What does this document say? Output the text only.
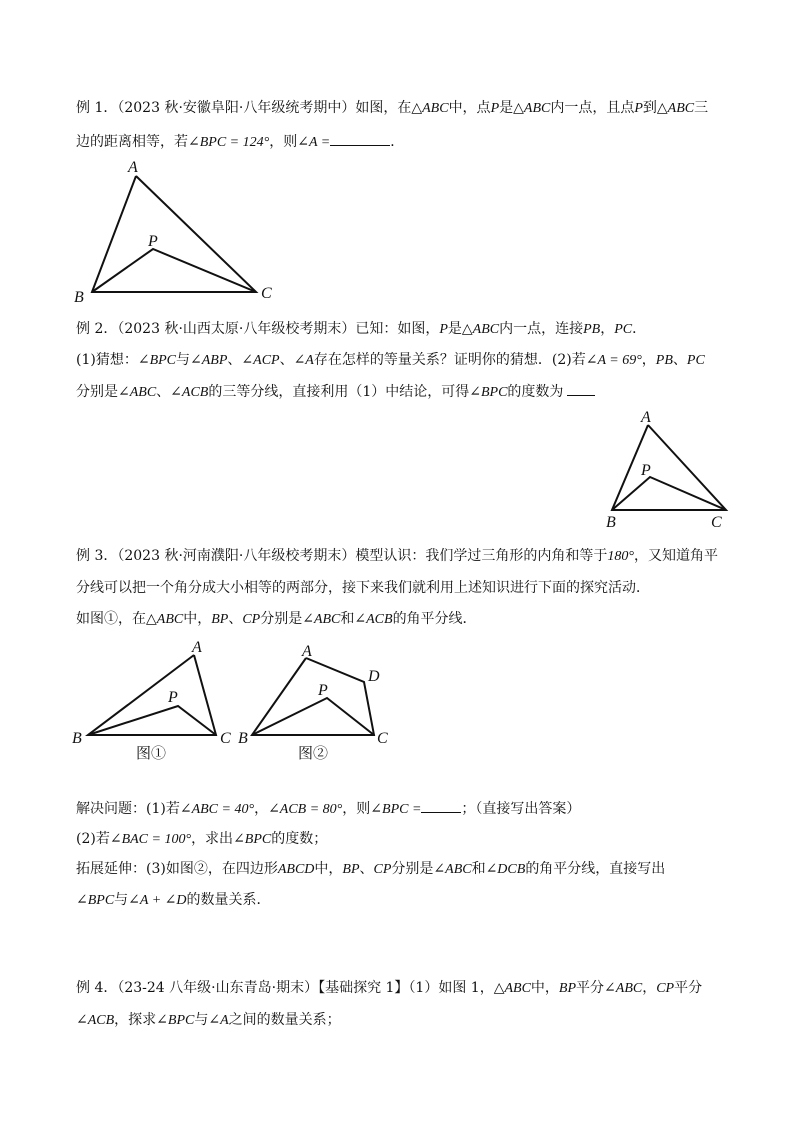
例 1．（2023 秋·安徽阜阳·八年级统考期中）如图，在△ABC中，点P是△ABC内一点，且点P到△ABC三
边的距离相等，若∠BPC = 124°，则∠A =	．
A
B	C
P
例 2．（2023 秋·山西太原·八年级校考期末）已知：如图，P是△ABC内一点，连接PB，PC．
(1)猜想：∠BPC与∠ABP、∠ACP、∠A存在怎样的等量关系？证明你的猜想．(2)若∠A = 69°，PB、PC
分别是∠ABC、∠ACB的三等分线，直接利用（1）中结论，可得∠BPC的度数为
A
B	C
P
例 3．（2023 秋·河南濮阳·八年级校考期末）模型认识：我们学过三角形的内角和等于180°，又知道角平
分线可以把一个角分成大小相等的两部分，接下来我们就利用上述知识进行下面的探究活动．
如图①，在△ABC中，BP、CP分别是∠ABC和∠ACB的角平分线．
A
B	C
P
图①
A
B	C
D
P
图②
解决问题：(1)若∠ABC = 40°，∠ACB = 80°，则∠BPC =	；（直接写出答案）
(2)若∠BAC = 100°，求出∠BPC的度数；
拓展延伸：(3)如图②，在四边形ABCD中，BP、CP分别是∠ABC和∠DCB的角平分线，直接写出
∠BPC与∠A + ∠D的数量关系．
例 4．（23-24 八年级·山东青岛·期末）【基础探究 1】（1）如图 1，△ABC中，BP平分∠ABC，CP平分
∠ACB，探求∠BPC与∠A之间的数量关系；
